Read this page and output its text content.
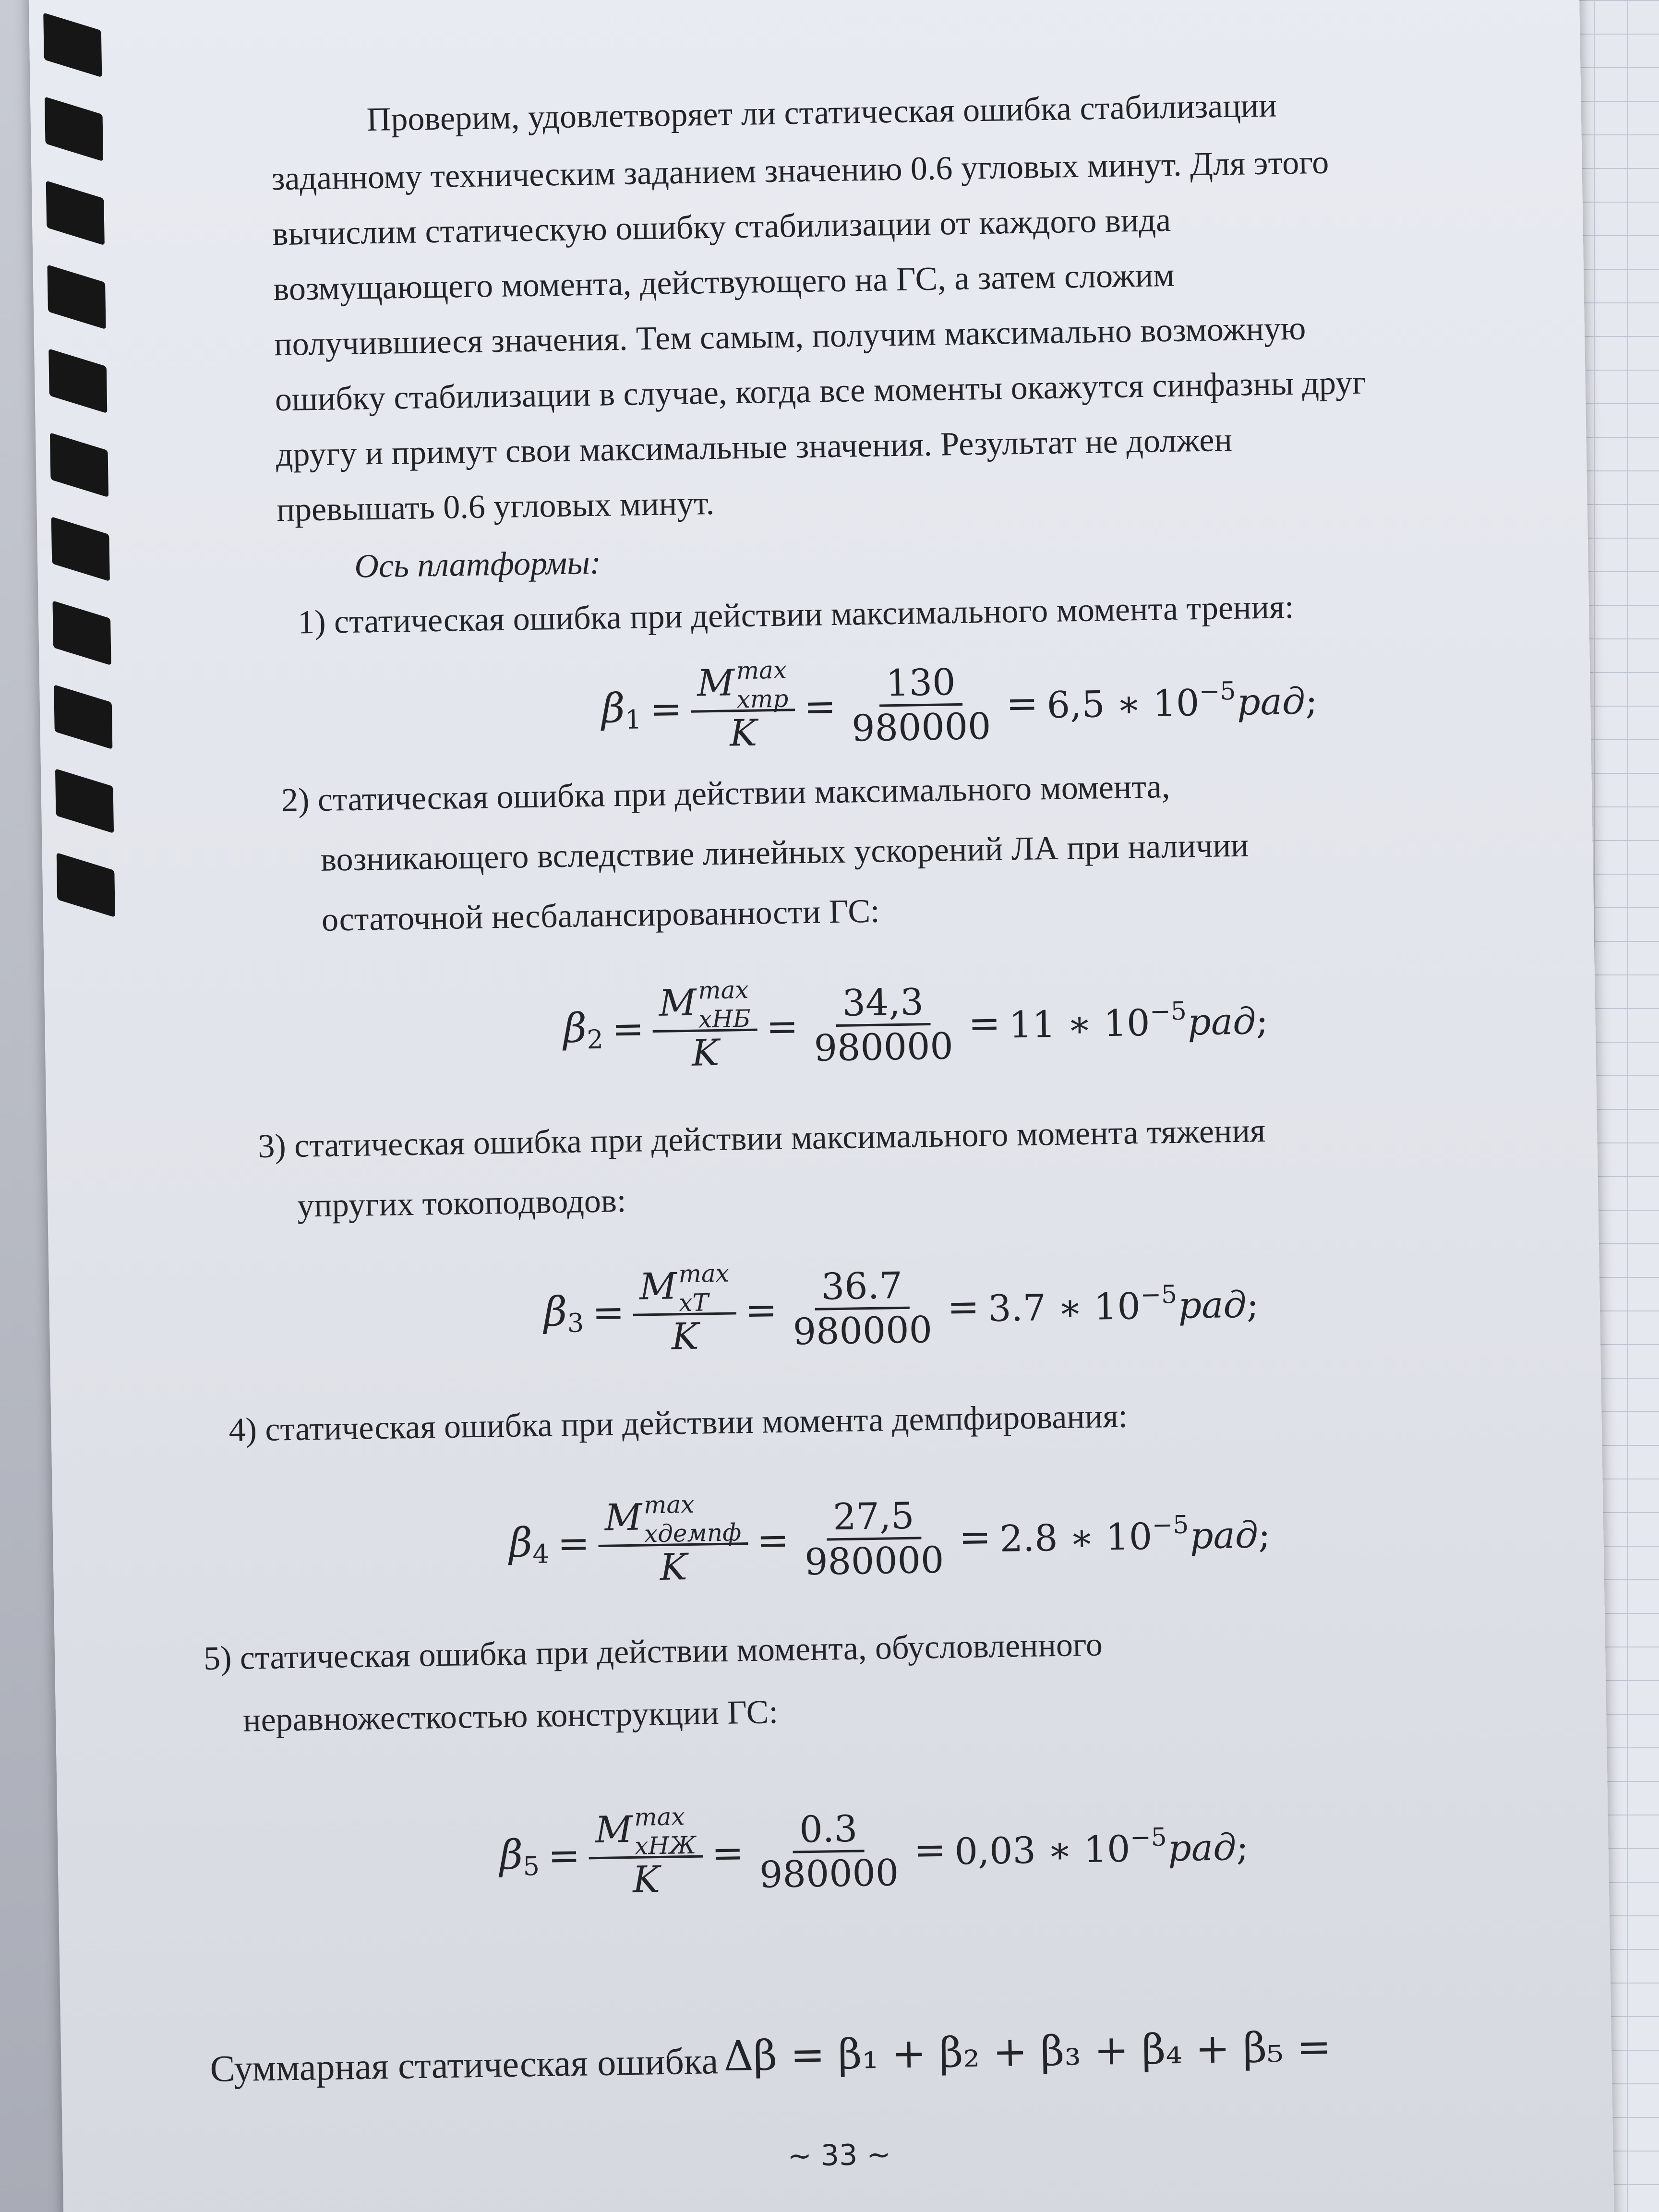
Проверим, удовлетворяет ли статическая ошибка стабилизации
заданному техническим заданием значению 0.6 угловых минут. Для этого
вычислим статическую ошибку стабилизации от каждого вида
возмущающего момента, действующего на ГС, а затем сложим
получившиеся значения. Тем самым, получим максимально возможную
ошибку стабилизации в случае, когда все моменты окажутся синфазны друг
другу и примут свои максимальные значения. Результат не должен
превышать 0.6 угловых минут.
Ось платформы:
1) статическая ошибка при действии максимального момента трения:
$\beta_1 = M$ max
xтр
$K = \frac{130}{980000} = 6,5$ ∗ $10^{-5}рад$;
2) статическая ошибка при действии максимального момента,
возникающего вследствие линейных ускорений ЛА при наличии
остаточной несбалансированности ГС:
$\beta_2 = M$ max
xНБ
$K = \frac{34,3}{980000} = 11$ ∗ $10^{-5}рад$;
3) статическая ошибка при действии максимального момента тяжения
упругих токоподводов:
$\beta_3 = M$ max
xT
$K = \frac{36.7}{980000} = 3.7$ ∗ $10^{-5}рад$;
4) статическая ошибка при действии момента демпфирования:
$\beta_4 = M$ max
xдемпф
$K = \frac{27,5}{980000} = 2.8$ ∗ $10^{-5}рад$;
5) статическая ошибка при действии момента, обусловленного
неравножесткостью конструкции ГС:
$\beta_5 = M$ max
xНЖ
$K = \frac{0.3}{980000} = 0,03$ ∗ $10^{-5}рад$;
Суммарная статическая ошибка Δβ = β₁ + β₂ + β₃ + β₄ + β₅ =
~ 33 ~
